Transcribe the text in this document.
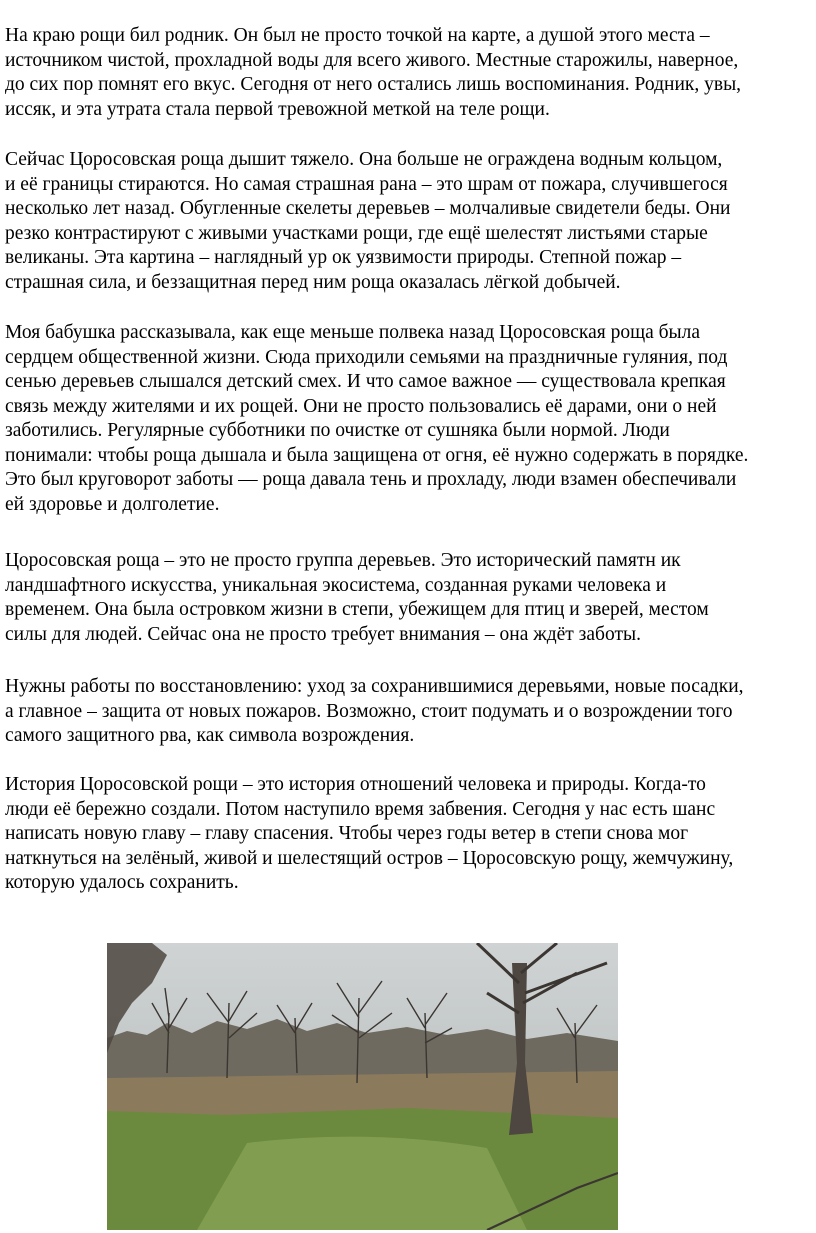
На краю рощи бил родник. Он был не просто точкой на карте, а душой этого места –
источником чистой, прохладной воды для всего живого. Местные старожилы, наверное,
до сих пор помнят его вкус. Сегодня от него остались лишь воспоминания. Родник, увы,
иссяк, и эта утрата стала первой тревожной меткой на теле рощи.
Сейчас Цоросовская роща дышит тяжело. Она больше не ограждена водным кольцом,
и её границы стираются. Но самая страшная рана – это шрам от пожара, случившегося
несколько лет назад. Обугленные скелеты деревьев – молчаливые свидетели беды. Они
резко контрастируют с живыми участками рощи, где ещё шелестят листьями старые
великаны. Эта картина – наглядный ур ок уязвимости природы. Степной пожар –
страшная сила, и беззащитная перед ним роща оказалась лёгкой добычей.
Моя бабушка рассказывала, как еще меньше полвека назад Цоросовская роща была
сердцем общественной жизни. Сюда приходили семьями на праздничные гуляния, под
сенью деревьев слышался детский смех. И что самое важное — существовала крепкая
связь между жителями и их рощей. Они не просто пользовались её дарами, они о ней
заботились. Регулярные субботники по очистке от сушняка были нормой. Люди
понимали: чтобы роща дышала и была защищена от огня, её нужно содержать в порядке.
Это был круговорот заботы — роща давала тень и прохладу, люди взамен обеспечивали
ей здоровье и долголетие.
Цоросовская роща – это не просто группа деревьев. Это исторический памятн ик
ландшафтного искусства, уникальная экосистема, созданная руками человека и
временем. Она была островком жизни в степи, убежищем для птиц и зверей, местом
силы для людей. Сейчас она не просто требует внимания – она ждёт заботы.
Нужны работы по восстановлению: уход за сохранившимися деревьями, новые посадки,
а главное – защита от новых пожаров. Возможно, стоит подумать и о возрождении того
самого защитного рва, как символа возрождения.
История Цоросовской рощи – это история отношений человека и природы. Когда-то
люди её бережно создали. Потом наступило время забвения. Сегодня у нас есть шанс
написать новую главу – главу спасения. Чтобы через годы ветер в степи снова мог
наткнуться на зелёный, живой и шелестящий остров – Цоросовскую рощу, жемчужину,
которую удалось сохранить.
